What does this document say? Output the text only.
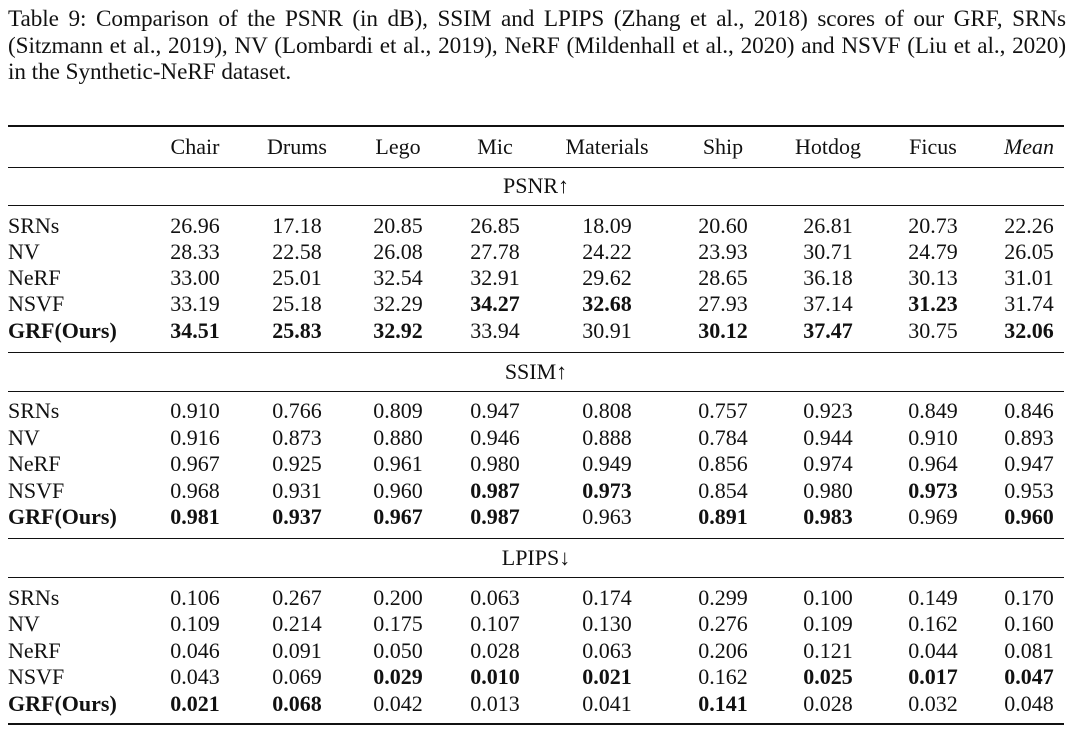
Table 9: Comparison of the PSNR (in dB), SSIM and LPIPS (Zhang et al., 2018) scores of our GRF, SRNs (Sitzmann et al., 2019), NV (Lombardi et al., 2019), NeRF (Mildenhall et al., 2020) and NSVF (Liu et al., 2020) in the Synthetic-NeRF dataset.
Chair	Drums	Lego	Mic	Materials	Ship	Hotdog	Ficus	Mean
PSNR↑
SRNs	26.96	17.18	20.85	26.85	18.09	20.60	26.81	20.73	22.26
NV	28.33	22.58	26.08	27.78	24.22	23.93	30.71	24.79	26.05
NeRF	33.00	25.01	32.54	32.91	29.62	28.65	36.18	30.13	31.01
NSVF	33.19	25.18	32.29	34.27	32.68	27.93	37.14	31.23	31.74
GRF(Ours)	34.51	25.83	32.92	33.94	30.91	30.12	37.47	30.75	32.06
SSIM↑
SRNs	0.910	0.766	0.809	0.947	0.808	0.757	0.923	0.849	0.846
NV	0.916	0.873	0.880	0.946	0.888	0.784	0.944	0.910	0.893
NeRF	0.967	0.925	0.961	0.980	0.949	0.856	0.974	0.964	0.947
NSVF	0.968	0.931	0.960	0.987	0.973	0.854	0.980	0.973	0.953
GRF(Ours)	0.981	0.937	0.967	0.987	0.963	0.891	0.983	0.969	0.960
LPIPS↓
SRNs	0.106	0.267	0.200	0.063	0.174	0.299	0.100	0.149	0.170
NV	0.109	0.214	0.175	0.107	0.130	0.276	0.109	0.162	0.160
NeRF	0.046	0.091	0.050	0.028	0.063	0.206	0.121	0.044	0.081
NSVF	0.043	0.069	0.029	0.010	0.021	0.162	0.025	0.017	0.047
GRF(Ours)	0.021	0.068	0.042	0.013	0.041	0.141	0.028	0.032	0.048
